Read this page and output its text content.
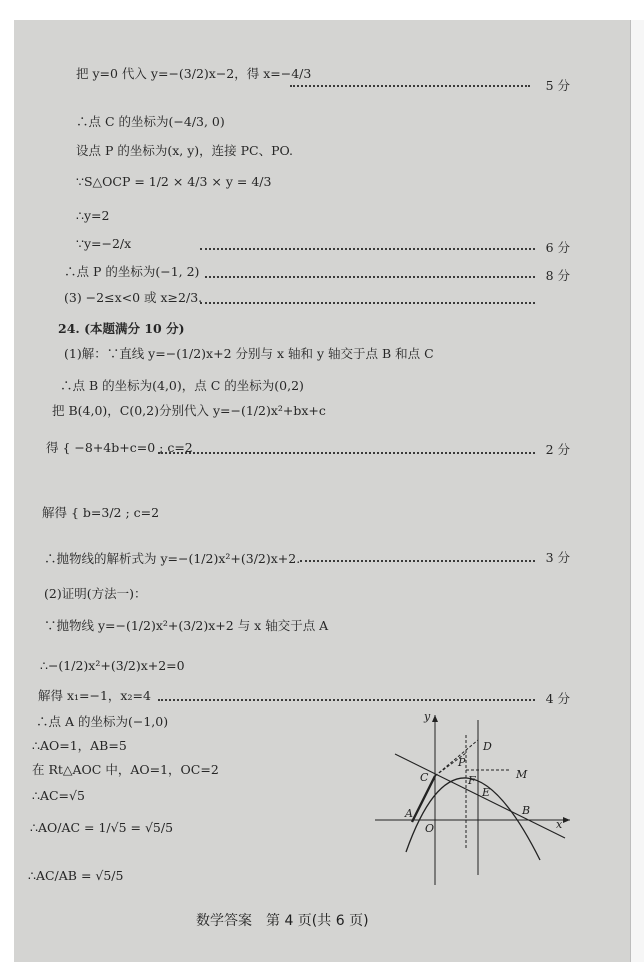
把 y=0 代入 y=−(3/2)x−2，得 x=−4/3
5 分
∴点 C 的坐标为(−4/3, 0)
设点 P 的坐标为(x, y)，连接 PC、PO.
∵S△OCP = 1/2 × 4/3 × y = 4/3
∴y=2
∵y=−2/x	6 分
∴点 P 的坐标为(−1, 2)	8 分
(3) −2≤x<0 或 x≥2/3.
24. (本题满分 10 分)
(1)解：∵直线 y=−(1/2)x+2 分别与 x 轴和 y 轴交于点 B 和点 C
∴点 B 的坐标为(4,0)，点 C 的坐标为(0,2)
把 B(4,0)，C(0,2)分别代入 y=−(1/2)x²+bx+c
得 { −8+4b+c=0 ; c=2	2 分
解得 { b=3/2 ; c=2
∴抛物线的解析式为 y=−(1/2)x²+(3/2)x+2.	3 分
(2)证明(方法一)：
∵抛物线 y=−(1/2)x²+(3/2)x+2 与 x 轴交于点 A
∴−(1/2)x²+(3/2)x+2=0
解得 x₁=−1，x₂=4	4 分
∴点 A 的坐标为(−1,0)
∴AO=1，AB=5
在 Rt△AOC 中，AO=1，OC=2
∴AC=√5
∴AO/AC = 1/√5 = √5/5
∴AC/AB = √5/5
y
x
O
A	B
C
D
E
F
P
M
数学答案　第 4 页(共 6 页)
